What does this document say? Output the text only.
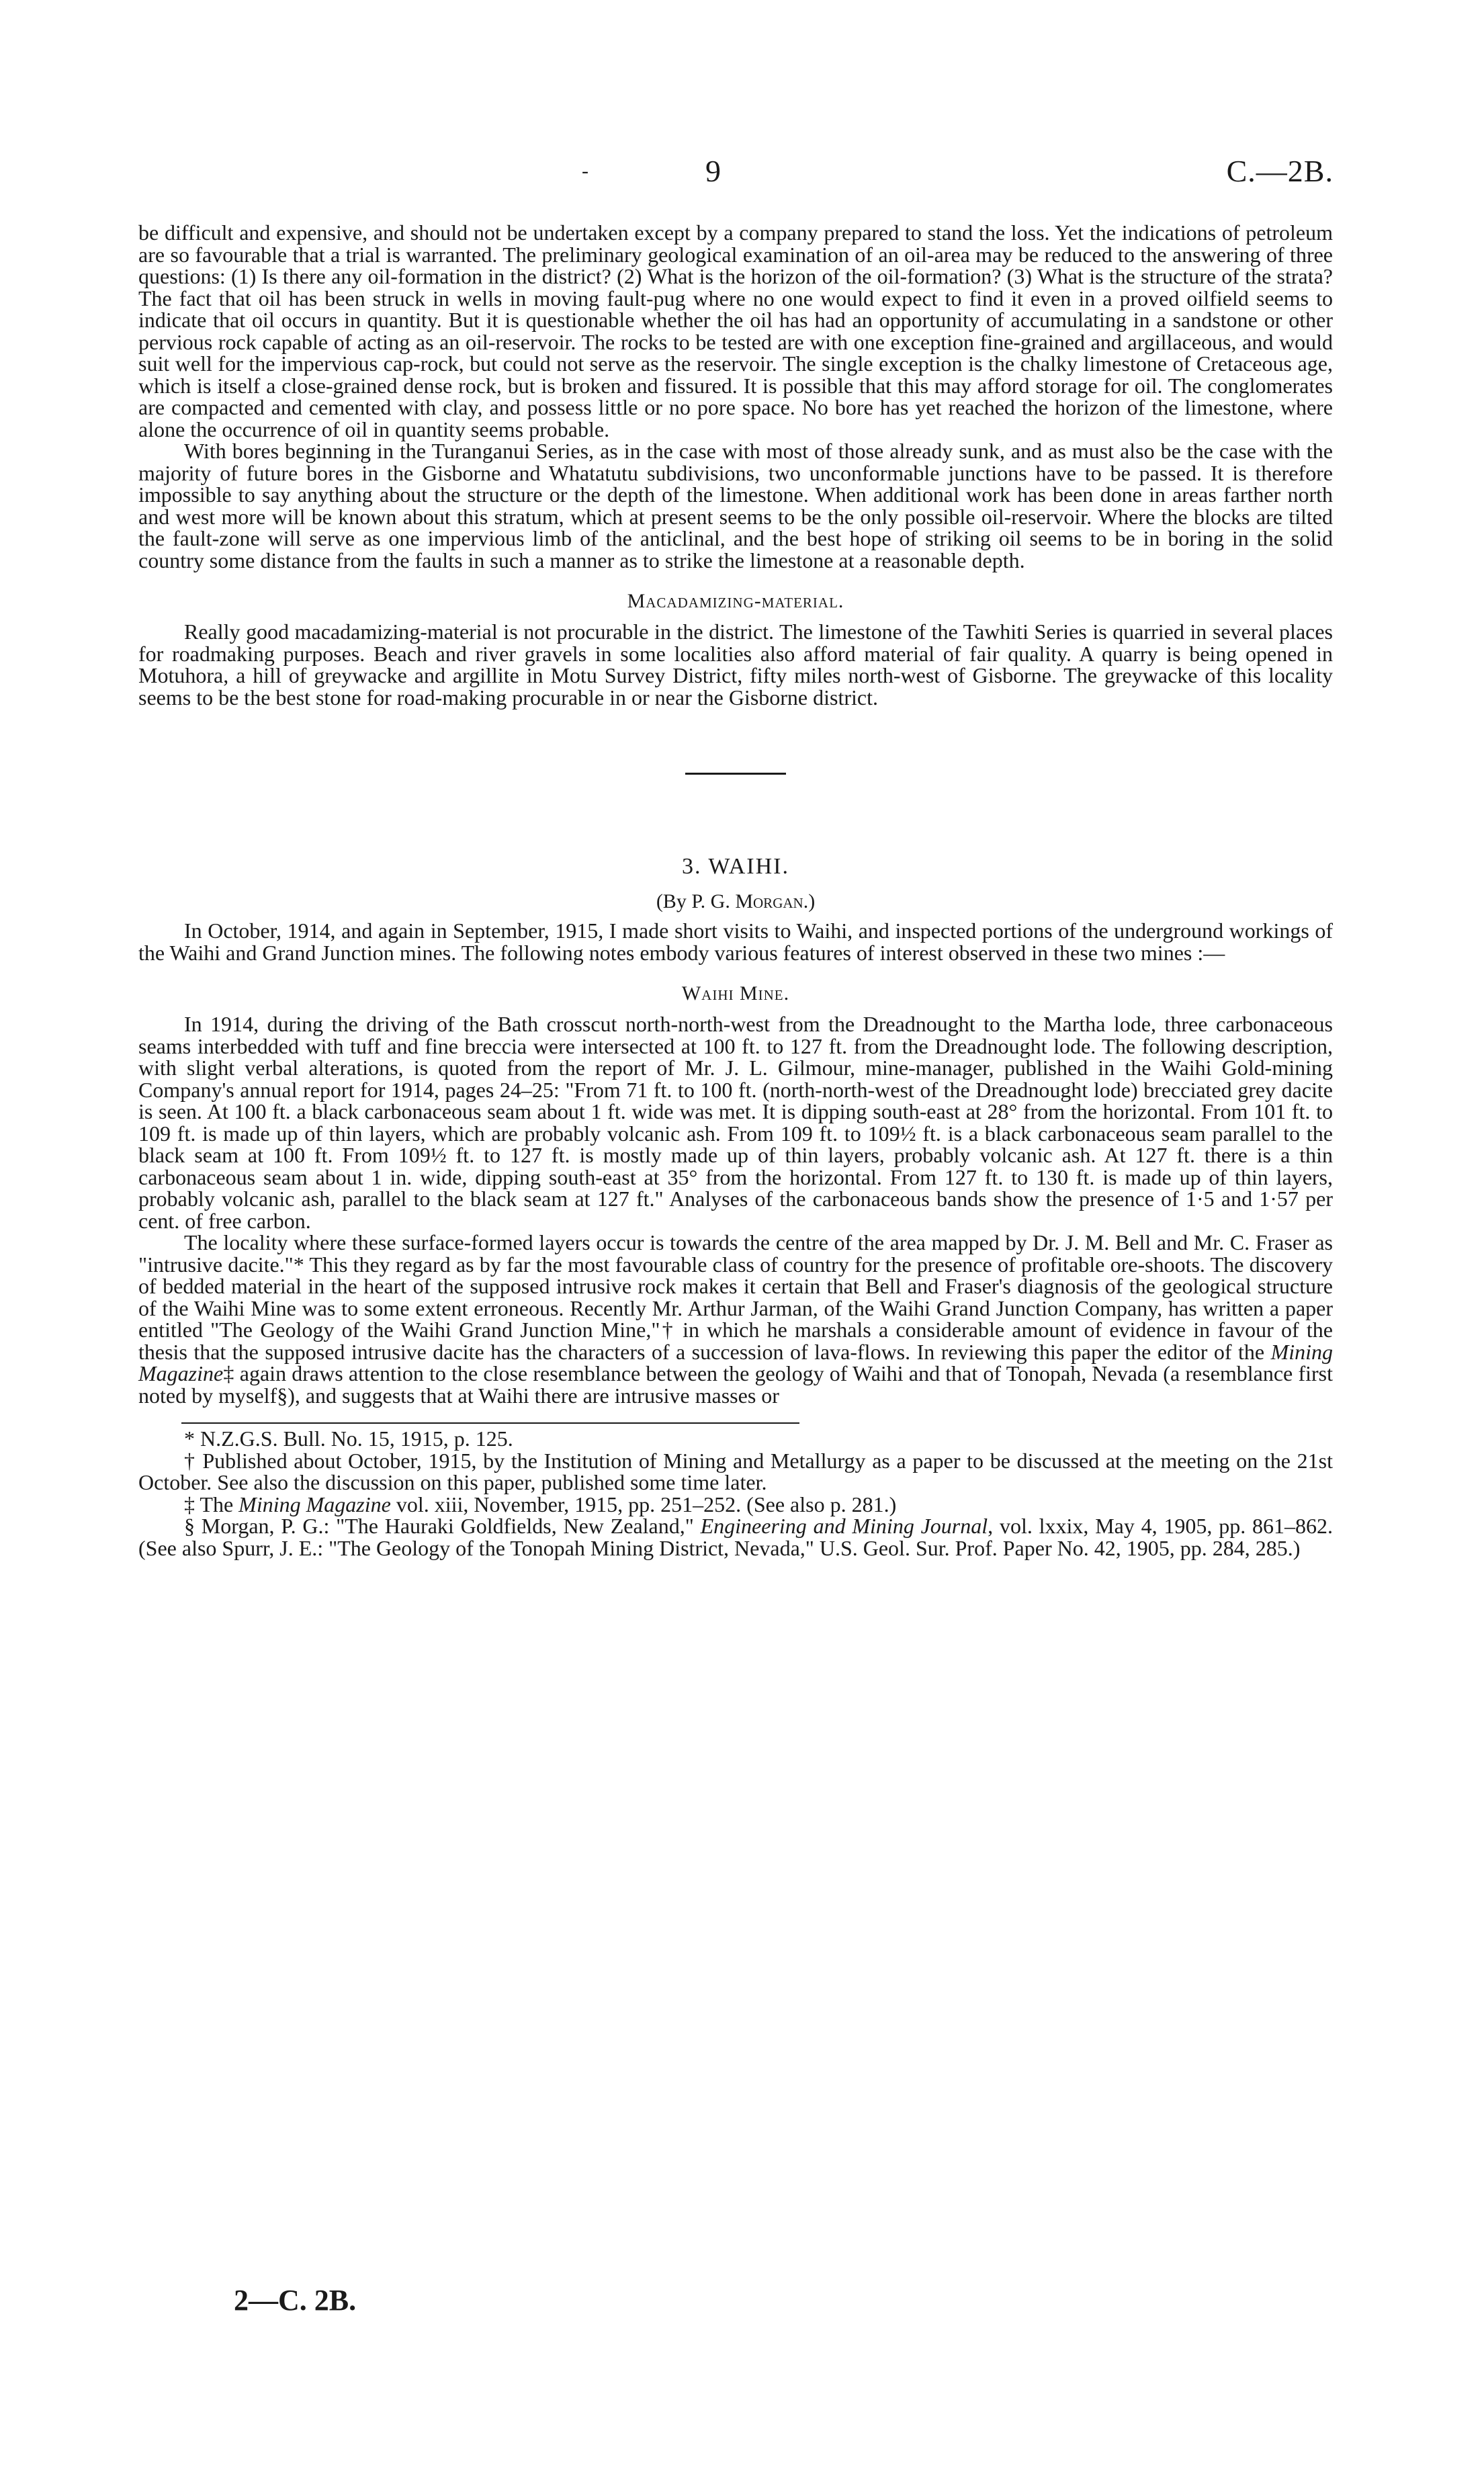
-	9	C.—2B.

be difficult and expensive, and should not be undertaken except by a company prepared to stand the loss. Yet the indications of petroleum are so favourable that a trial is warranted. The preliminary geological examination of an oil-area may be reduced to the answering of three questions: (1) Is there any oil-formation in the district? (2) What is the horizon of the oil-formation? (3) What is the structure of the strata? The fact that oil has been struck in wells in moving fault-pug where no one would expect to find it even in a proved oilfield seems to indicate that oil occurs in quantity. But it is questionable whether the oil has had an opportunity of accumulating in a sandstone or other pervious rock capable of acting as an oil-reservoir. The rocks to be tested are with one exception fine-grained and argillaceous, and would suit well for the impervious cap-rock, but could not serve as the reservoir. The single exception is the chalky limestone of Cretaceous age, which is itself a close-grained dense rock, but is broken and fissured. It is possible that this may afford storage for oil. The conglomerates are compacted and cemented with clay, and possess little or no pore space. No bore has yet reached the horizon of the limestone, where alone the occurrence of oil in quantity seems probable.

With bores beginning in the Turanganui Series, as in the case with most of those already sunk, and as must also be the case with the majority of future bores in the Gisborne and Whatatutu subdivisions, two unconformable junctions have to be passed. It is therefore impossible to say anything about the structure or the depth of the limestone. When additional work has been done in areas farther north and west more will be known about this stratum, which at present seems to be the only possible oil-reservoir. Where the blocks are tilted the fault-zone will serve as one impervious limb of the anticlinal, and the best hope of striking oil seems to be in boring in the solid country some distance from the faults in such a manner as to strike the limestone at a reasonable depth.

Macadamizing-material.

Really good macadamizing-material is not procurable in the district. The limestone of the Tawhiti Series is quarried in several places for roadmaking purposes. Beach and river gravels in some localities also afford material of fair quality. A quarry is being opened in Motuhora, a hill of greywacke and argillite in Motu Survey District, fifty miles north-west of Gisborne. The greywacke of this locality seems to be the best stone for road-making procurable in or near the Gisborne district.

3. WAIHI.
(By P. G. Morgan.)

In October, 1914, and again in September, 1915, I made short visits to Waihi, and inspected portions of the underground workings of the Waihi and Grand Junction mines. The following notes embody various features of interest observed in these two mines :—

Waihi Mine.

In 1914, during the driving of the Bath crosscut north-north-west from the Dreadnought to the Martha lode, three carbonaceous seams interbedded with tuff and fine breccia were intersected at 100 ft. to 127 ft. from the Dreadnought lode. The following description, with slight verbal alterations, is quoted from the report of Mr. J. L. Gilmour, mine-manager, published in the Waihi Gold-mining Company's annual report for 1914, pages 24–25: "From 71 ft. to 100 ft. (north-north-west of the Dreadnought lode) brecciated grey dacite is seen. At 100 ft. a black carbonaceous seam about 1 ft. wide was met. It is dipping south-east at 28° from the horizontal. From 101 ft. to 109 ft. is made up of thin layers, which are probably volcanic ash. From 109 ft. to 109½ ft. is a black carbonaceous seam parallel to the black seam at 100 ft. From 109½ ft. to 127 ft. is mostly made up of thin layers, probably volcanic ash. At 127 ft. there is a thin carbonaceous seam about 1 in. wide, dipping south-east at 35° from the horizontal. From 127 ft. to 130 ft. is made up of thin layers, probably volcanic ash, parallel to the black seam at 127 ft." Analyses of the carbonaceous bands show the presence of 1·5 and 1·57 per cent. of free carbon.

The locality where these surface-formed layers occur is towards the centre of the area mapped by Dr. J. M. Bell and Mr. C. Fraser as "intrusive dacite."* This they regard as by far the most favourable class of country for the presence of profitable ore-shoots. The discovery of bedded material in the heart of the supposed intrusive rock makes it certain that Bell and Fraser's diagnosis of the geological structure of the Waihi Mine was to some extent erroneous. Recently Mr. Arthur Jarman, of the Waihi Grand Junction Company, has written a paper entitled "The Geology of the Waihi Grand Junction Mine,"† in which he marshals a considerable amount of evidence in favour of the thesis that the supposed intrusive dacite has the characters of a succession of lava-flows. In reviewing this paper the editor of the Mining Magazine‡ again draws attention to the close resemblance between the geology of Waihi and that of Tonopah, Nevada (a resemblance first noted by myself§), and suggests that at Waihi there are intrusive masses or

* N.Z.G.S. Bull. No. 15, 1915, p. 125.

† Published about October, 1915, by the Institution of Mining and Metallurgy as a paper to be discussed at the meeting on the 21st October. See also the discussion on this paper, published some time later.

‡ The Mining Magazine vol. xiii, November, 1915, pp. 251–252. (See also p. 281.)

§ Morgan, P. G.: "The Hauraki Goldfields, New Zealand," Engineering and Mining Journal, vol. lxxix, May 4, 1905, pp. 861–862. (See also Spurr, J. E.: "The Geology of the Tonopah Mining District, Nevada," U.S. Geol. Sur. Prof. Paper No. 42, 1905, pp. 284, 285.)

2—C. 2B.
